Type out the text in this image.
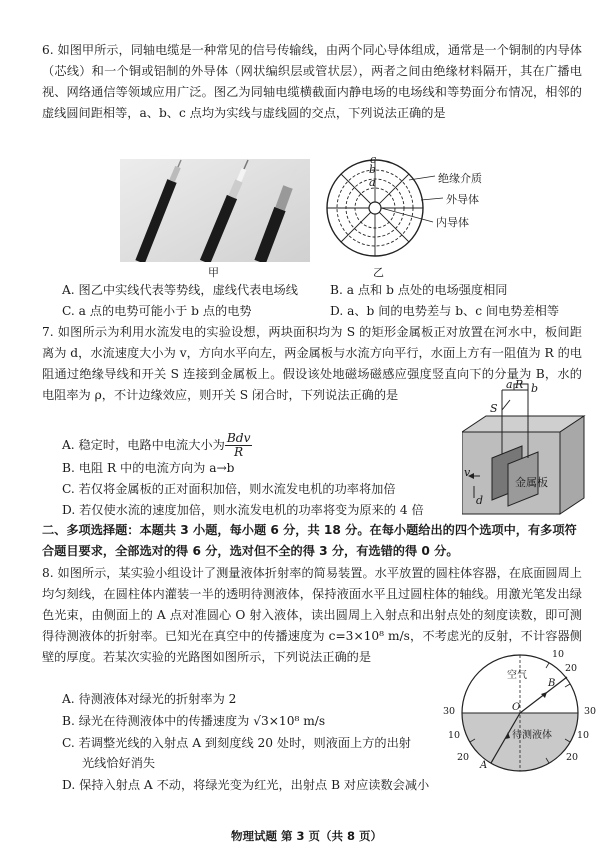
6. 如图甲所示，同轴电缆是一种常见的信号传输线，由两个同心导体组成，通常是一个铜制的内导体（芯线）和一个铜或铝制的外导体（网状编织层或管状层），两者之间由绝缘材料隔开，其在广播电视、网络通信等领域应用广泛。图乙为同轴电缆横截面内静电场的电场线和等势面分布情况，相邻的虚线圆间距相等，a、b、c 点均为实线与虚线圆的交点，下列说法正确的是

甲
c
b
a	绝缘介质
外导体
内导体
乙
A. 图乙中实线代表等势线，虚线代表电场线	B. a 点和 b 点处的电场强度相同
C. a 点的电势可能小于 b 点的电势	D. a、b 间的电势差与 b、c 间电势差相等

7. 如图所示为利用水流发电的实验设想，两块面积均为 S 的矩形金属板正对放置在河水中，板间距离为 d，水流速度大小为 v，方向水平向左，两金属板与水流方向平行，水面上方有一阻值为 R 的电阻通过绝缘导线和开关 S 连接到金属板上。假设该处地磁场磁感应强度竖直向下的分量为 B，水的电阻率为 ρ，不计边缘效应，则开关 S 闭合时，下列说法正确的是

A. 稳定时，电路中电流大小为 $\frac{\text{Bdv}}{R}$
B. 电阻 R 中的电流方向为 a→b
C. 若仅将金属板的正对面积加倍，则水流发电机的功率将加倍
D. 若仅使水流的速度加倍，则水流发电机的功率将变为原来的 4 倍
a R b
S
金属板
d
v
二、多项选择题：本题共 3 小题，每小题 6 分，共 18 分。在每小题给出的四个选项中，有多项符合题目要求，全部选对的得 6 分，选对但不全的得 3 分，有选错的得 0 分。

8. 如图所示，某实验小组设计了测量液体折射率的简易装置。水平放置的圆柱体容器，在底面圆周上均匀刻线，在圆柱体内灌装一半的透明待测液体，保持液面水平且过圆柱体的轴线。用激光笔发出绿色光束，由侧面上的 A 点对准圆心 O 射入液体，读出圆周上入射点和出射点处的刻度读数，即可测得待测液体的折射率。已知光在真空中的传播速度为 c=3×10⁸ m/s，不考虑光的反射，不计容器侧壁的厚度。若某次实验的光路图如图所示，下列说法正确的是

A. 待测液体对绿光的折射率为 2
B. 绿光在待测液体中的传播速度为 √3×10⁸ m/s
C. 若调整光线的入射点 A 到刻度线 20 处时，则液面上方的出射
光线恰好消失
D. 保持入射点 A 不动，将绿光变为红光，出射点 B 对应读数会减小
空气
待测液体
O
A
B
30	30
20
10
10
20
20
10
物理试题 第 3 页（共 8 页）
